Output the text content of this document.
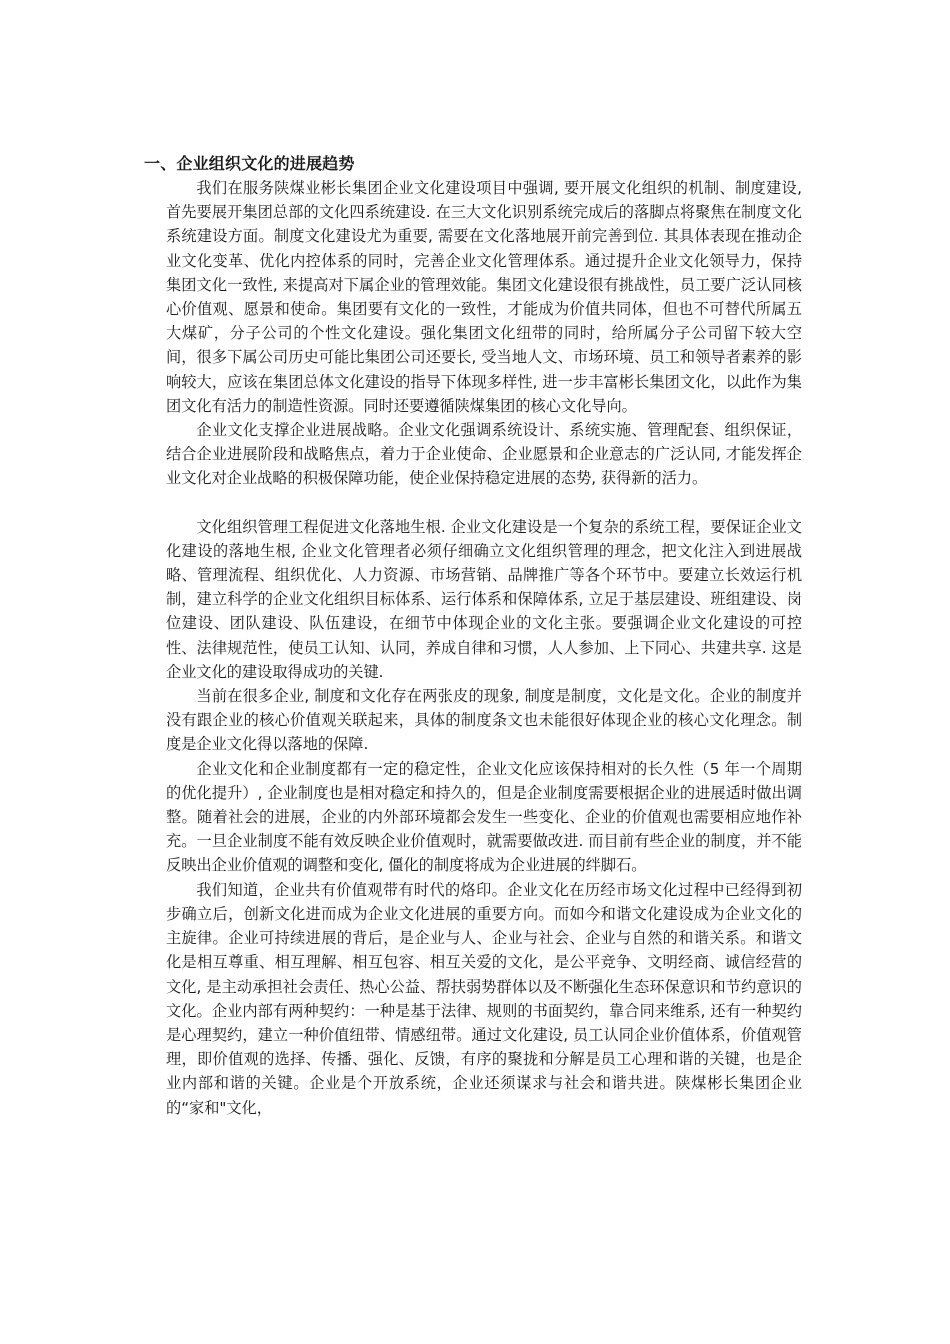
一、企业组织文化的进展趋势

我们在服务陕煤业彬长集团企业文化建设项目中强调, 要开展文化组织的机制、制度建设, 首先要展开集团总部的文化四系统建设. 在三大文化识别系统完成后的落脚点将聚焦在制度文化系统建设方面。制度文化建设尤为重要, 需要在文化落地展开前完善到位. 其具体表现在推动企业文化变革、优化内控体系的同时，完善企业文化管理体系。通过提升企业文化领导力，保持集团文化一致性, 来提高对下属企业的管理效能。集团文化建设很有挑战性，员工要广泛认同核心价值观、愿景和使命。集团要有文化的一致性，才能成为价值共同体，但也不可替代所属五大煤矿，分子公司的个性文化建设。强化集团文化纽带的同时，给所属分子公司留下较大空间，很多下属公司历史可能比集团公司还要长, 受当地人文、市场环境、员工和领导者素养的影响较大，应该在集团总体文化建设的指导下体现多样性, 进一步丰富彬长集团文化，以此作为集团文化有活力的制造性资源。同时还要遵循陕煤集团的核心文化导向。

企业文化支撑企业进展战略。企业文化强调系统设计、系统实施、管理配套、组织保证，结合企业进展阶段和战略焦点，着力于企业使命、企业愿景和企业意志的广泛认同, 才能发挥企业文化对企业战略的积极保障功能，使企业保持稳定进展的态势, 获得新的活力。

文化组织管理工程促进文化落地生根. 企业文化建设是一个复杂的系统工程，要保证企业文化建设的落地生根, 企业文化管理者必须仔细确立文化组织管理的理念，把文化注入到进展战略、管理流程、组织优化、人力资源、市场营销、品牌推广等各个环节中。要建立长效运行机制，建立科学的企业文化组织目标体系、运行体系和保障体系, 立足于基层建设、班组建设、岗位建设、团队建设、队伍建设，在细节中体现企业的文化主张。要强调企业文化建设的可控性、法律规范性，使员工认知、认同，养成自律和习惯，人人参加、上下同心、共建共享. 这是企业文化的建设取得成功的关键.

当前在很多企业, 制度和文化存在两张皮的现象, 制度是制度，文化是文化。企业的制度并没有跟企业的核心价值观关联起来，具体的制度条文也未能很好体现企业的核心文化理念。制度是企业文化得以落地的保障.

企业文化和企业制度都有一定的稳定性，企业文化应该保持相对的长久性（5 年一个周期的优化提升）, 企业制度也是相对稳定和持久的，但是企业制度需要根据企业的进展适时做出调整。随着社会的进展，企业的内外部环境都会发生一些变化、企业的价值观也需要相应地作补充。一旦企业制度不能有效反映企业价值观时，就需要做改进. 而目前有些企业的制度，并不能反映出企业价值观的调整和变化, 僵化的制度将成为企业进展的绊脚石。

我们知道，企业共有价值观带有时代的烙印。企业文化在历经市场文化过程中已经得到初步确立后，创新文化进而成为企业文化进展的重要方向。而如今和谐文化建设成为企业文化的主旋律。企业可持续进展的背后，是企业与人、企业与社会、企业与自然的和谐关系。和谐文化是相互尊重、相互理解、相互包容、相互关爱的文化，是公平竞争、文明经商、诚信经营的文化, 是主动承担社会责任、热心公益、帮扶弱势群体以及不断强化生态环保意识和节约意识的文化。企业内部有两种契约：一种是基于法律、规则的书面契约，靠合同来维系, 还有一种契约是心理契约，建立一种价值纽带、情感纽带。通过文化建设, 员工认同企业价值体系，价值观管理，即价值观的选择、传播、强化、反馈，有序的聚拢和分解是员工心理和谐的关键，也是企业内部和谐的关键。企业是个开放系统，企业还须谋求与社会和谐共进。陕煤彬长集团企业的“家和"文化，
